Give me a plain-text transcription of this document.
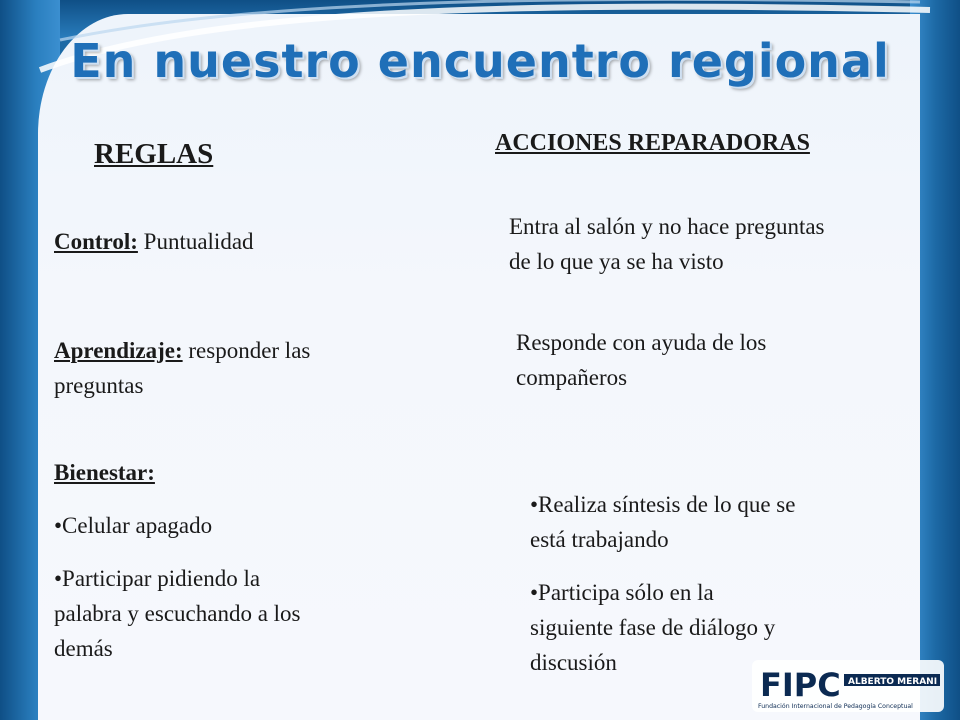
En nuestro encuentro regional
REGLAS	ACCIONES REPARADORAS
Control: Puntualidad
Aprendizaje: responder las
preguntas
Bienestar:
•Celular apagado
•Participar pidiendo la
palabra y escuchando a los
demás
Entra al salón y no hace preguntas
de lo que ya se ha visto
Responde con ayuda de los
compañeros
•Realiza síntesis de lo que se
está trabajando
•Participa sólo en la
siguiente fase de diálogo y
discusión
FIPC ALBERTO MERANI
Fundación Internacional de Pedagogía Conceptual
